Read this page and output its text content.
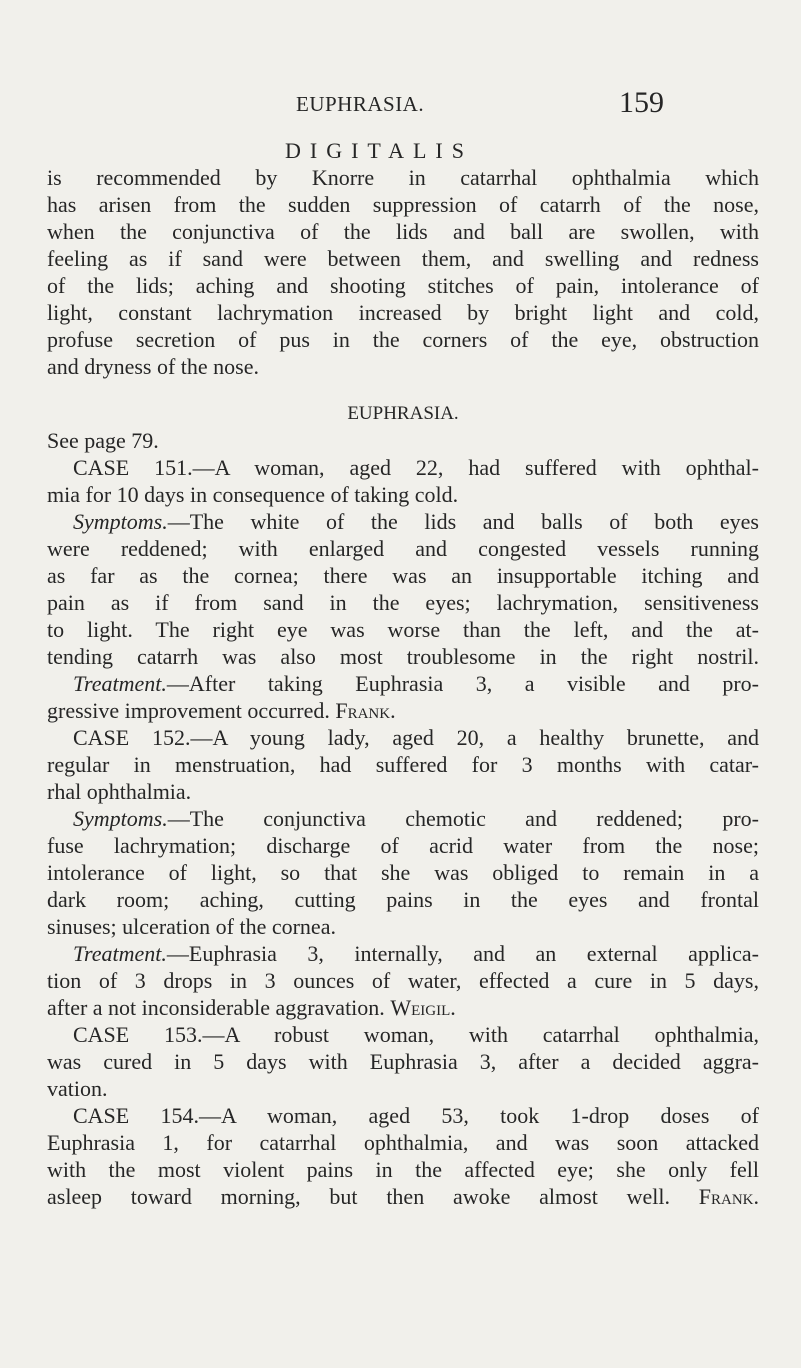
EUPHRASIA.	159
DIGITALIS
is recommended by Knorre in catarrhal ophthalmia which
has arisen from the sudden suppression of catarrh of the nose,
when the conjunctiva of the lids and ball are swollen, with
feeling as if sand were between them, and swelling and redness
of the lids; aching and shooting stitches of pain, intolerance of
light, constant lachrymation increased by bright light and cold,
profuse secretion of pus in the corners of the eye, obstruction
and dryness of the nose.
EUPHRASIA.
See page 79.
CASE 151.—A woman, aged 22, had suffered with ophthal-
mia for 10 days in consequence of taking cold.
Symptoms.—The white of the lids and balls of both eyes
were reddened; with enlarged and congested vessels running
as far as the cornea; there was an insupportable itching and
pain as if from sand in the eyes; lachrymation, sensitiveness
to light. The right eye was worse than the left, and the at-
tending catarrh was also most troublesome in the right nostril.
Treatment.—After taking Euphrasia 3, a visible and pro-
gressive improvement occurred. Frank.
CASE 152.—A young lady, aged 20, a healthy brunette, and
regular in menstruation, had suffered for 3 months with catar-
rhal ophthalmia.
Symptoms.—The conjunctiva chemotic and reddened; pro-
fuse lachrymation; discharge of acrid water from the nose;
intolerance of light, so that she was obliged to remain in a
dark room; aching, cutting pains in the eyes and frontal
sinuses; ulceration of the cornea.
Treatment.—Euphrasia 3, internally, and an external applica-
tion of 3 drops in 3 ounces of water, effected a cure in 5 days,
after a not inconsiderable aggravation. Weigil.
CASE 153.—A robust woman, with catarrhal ophthalmia,
was cured in 5 days with Euphrasia 3, after a decided aggra-
vation.
CASE 154.—A woman, aged 53, took 1-drop doses of
Euphrasia 1, for catarrhal ophthalmia, and was soon attacked
with the most violent pains in the affected eye; she only fell
asleep toward morning, but then awoke almost well. Frank.
